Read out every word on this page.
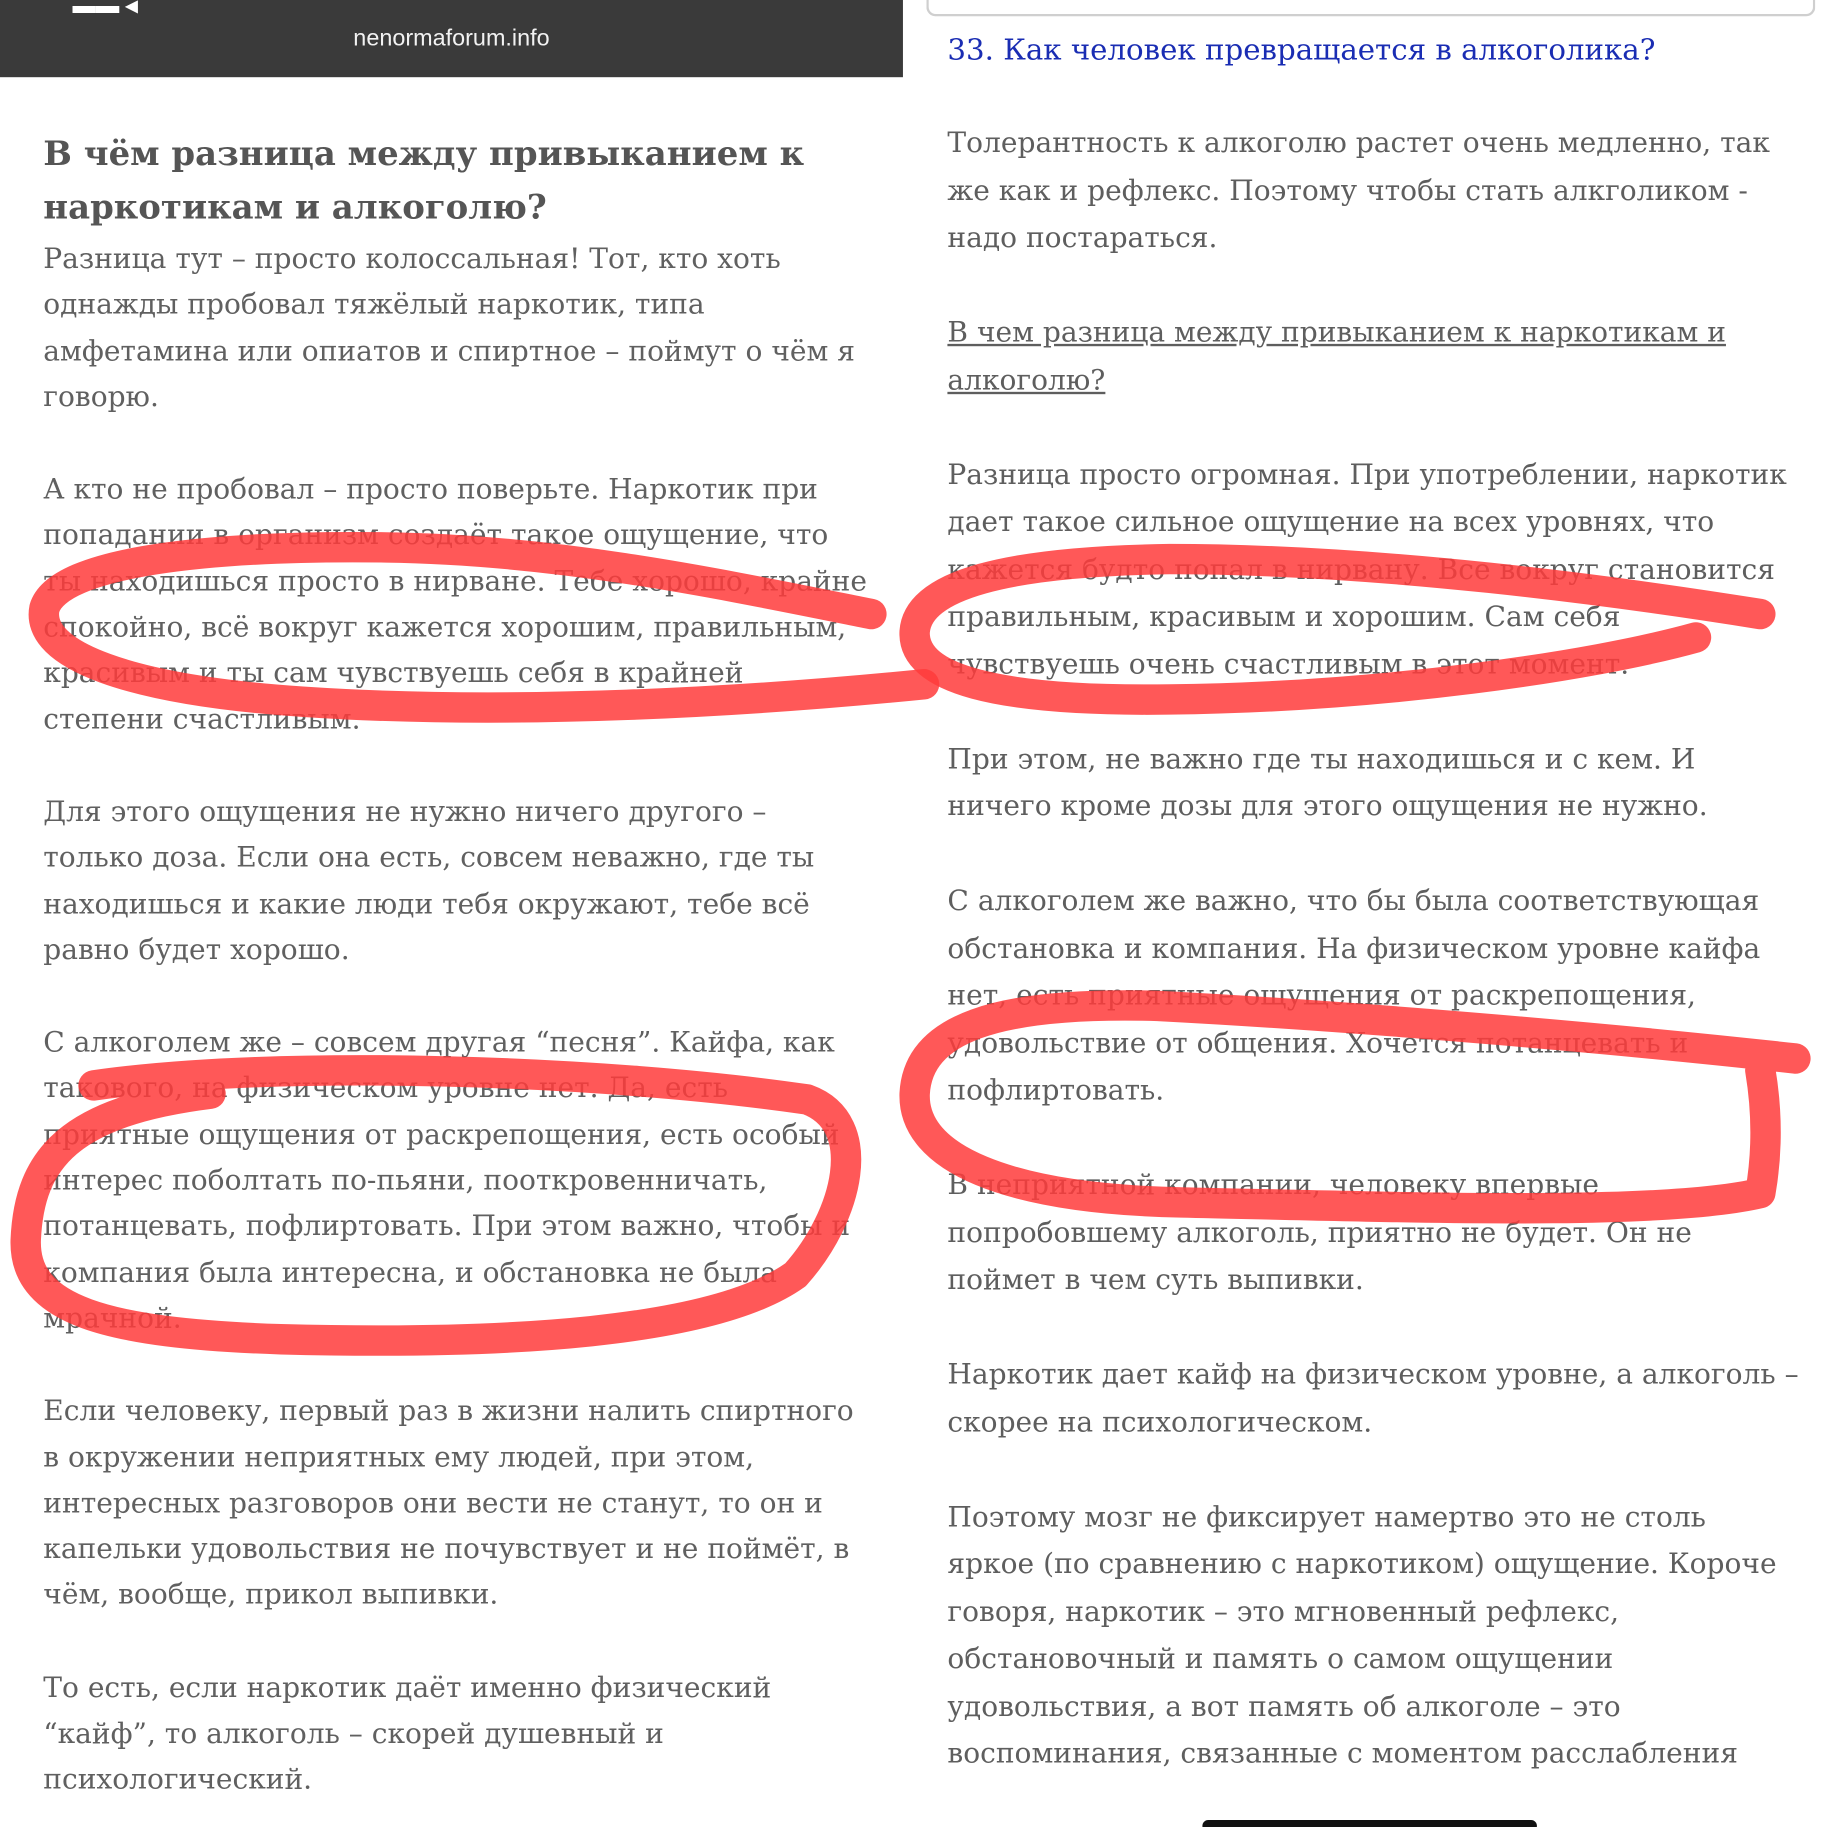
▬▬ ◂
nenormaforum.info
В чём разница между привыканием к наркотикам и алкоголю?

Разница тут – просто колоссальная! Тот, кто хоть однажды пробовал тяжёлый наркотик, типа амфетамина или опиатов и спиртное – поймут о чём я говорю.

А кто не пробовал – просто поверьте. Наркотик при попадании в организм создаёт такое ощущение, что ты находишься просто в нирване. Тебе хорошо, крайне спокойно, всё вокруг кажется хорошим, правильным, красивым и ты сам чувствуешь себя в крайней степени счастливым.

Для этого ощущения не нужно ничего другого – только доза. Если она есть, совсем неважно, где ты находишься и какие люди тебя окружают, тебе всё равно будет хорошо.

С алкоголем же – совсем другая “песня”. Кайфа, как такового, на физическом уровне нет. Да, есть приятные ощущения от раскрепощения, есть особый интерес поболтать по-пьяни, пооткровенничать, потанцевать, пофлиртовать. При этом важно, чтобы и компания была интересна, и обстановка не была мрачной.

Если человеку, первый раз в жизни налить спиртного в окружении неприятных ему людей, при этом, интересных разговоров они вести не станут, то он и капельки удовольствия не почувствует и не поймёт, в чём, вообще, прикол выпивки.

То есть, если наркотик даёт именно физический “кайф”, то алкоголь – скорей душевный и психологический.

33. Как человек превращается в алкоголика?

Толерантность к алкоголю растет очень медленно, так же как и рефлекс. Поэтому чтобы стать алкголиком - надо постараться.

В чем разница между привыканием к наркотикам и алкоголю?

Разница просто огромная. При употреблении, наркотик дает такое сильное ощущение на всех уровнях, что кажется будто попал в нирвану. Все вокруг становится правильным, красивым и хорошим. Сам себя чувствуешь очень счастливым в этот момент.

При этом, не важно где ты находишься и с кем. И ничего кроме дозы для этого ощущения не нужно.

С алкоголем же важно, что бы была соответствующая обстановка и компания. На физическом уровне кайфа нет, есть приятные ощущения от раскрепощения, удовольствие от общения. Хочется потанцевать и пофлиртовать.

В неприятной компании, человеку впервые попробовшему алкоголь, приятно не будет. Он не поймет в чем суть выпивки.

Наркотик дает кайф на физическом уровне, а алкоголь – скорее на психологическом.

Поэтому мозг не фиксирует намертво это не столь яркое (по сравнению с наркотиком) ощущение. Короче говоря, наркотик – это мгновенный рефлекс, обстановочный и память о самом ощущении удовольствия, а вот память об алкоголе – это воспоминания, связанные с моментом расслабления
